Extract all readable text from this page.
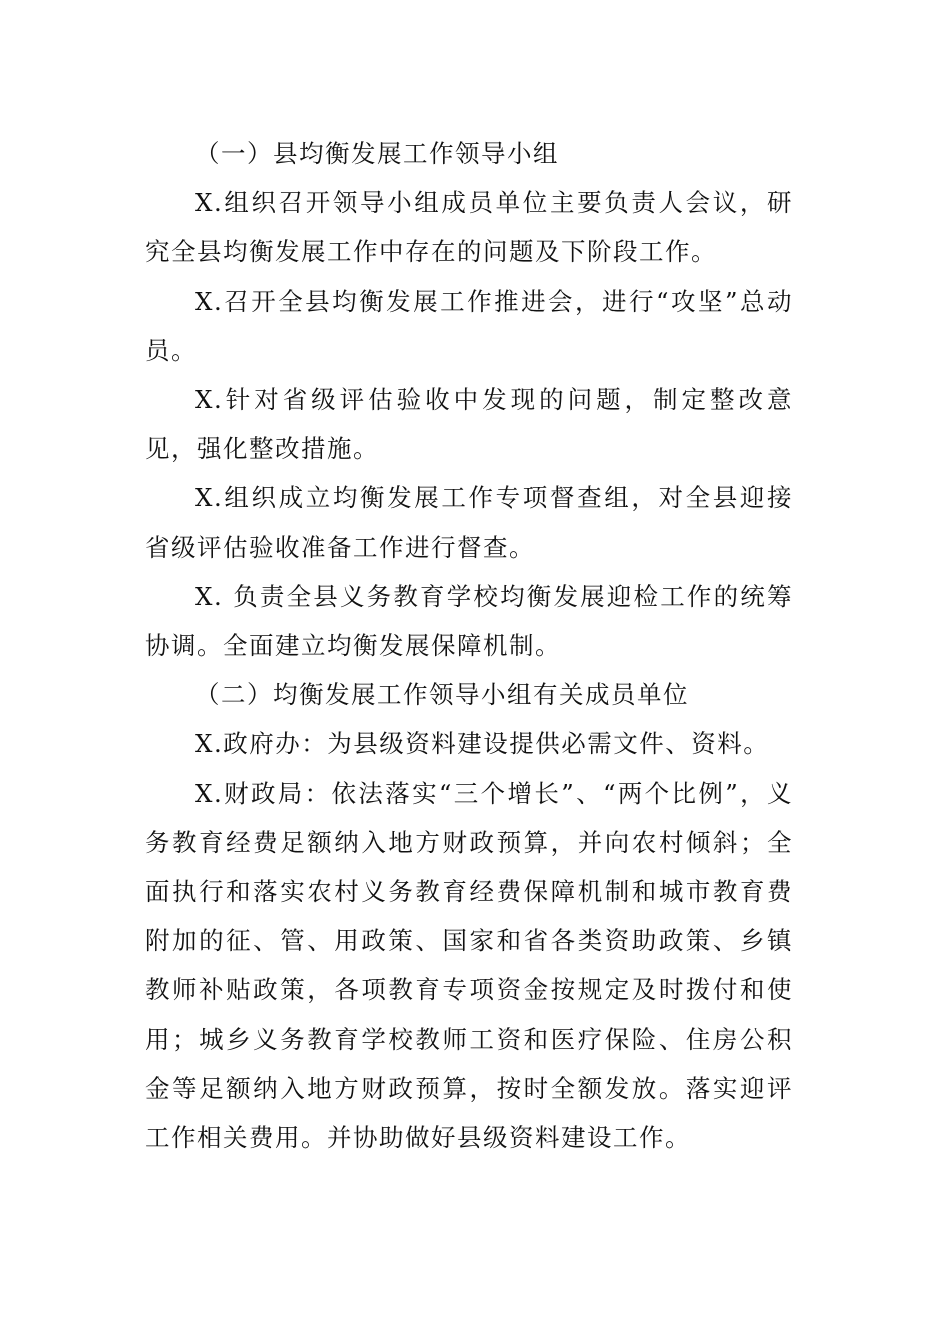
（一）县均衡发展工作领导小组

X.组织召开领导小组成员单位主要负责人会议，研究全县均衡发展工作中存在的问题及下阶段工作。

X.召开全县均衡发展工作推进会，进行“攻坚”总动员。

X.针对省级评估验收中发现的问题，制定整改意见，强化整改措施。

X.组织成立均衡发展工作专项督查组，对全县迎接省级评估验收准备工作进行督查。

X. 负责全县义务教育学校均衡发展迎检工作的统筹协调。全面建立均衡发展保障机制。

（二）均衡发展工作领导小组有关成员单位

X.政府办：为县级资料建设提供必需文件、资料。

X.财政局：依法落实“三个增长”、“两个比例”，义务教育经费足额纳入地方财政预算，并向农村倾斜；全面执行和落实农村义务教育经费保障机制和城市教育费附加的征、管、用政策、国家和省各类资助政策、乡镇教师补贴政策，各项教育专项资金按规定及时拨付和使用；城乡义务教育学校教师工资和医疗保险、住房公积金等足额纳入地方财政预算，按时全额发放。落实迎评工作相关费用。并协助做好县级资料建设工作。
